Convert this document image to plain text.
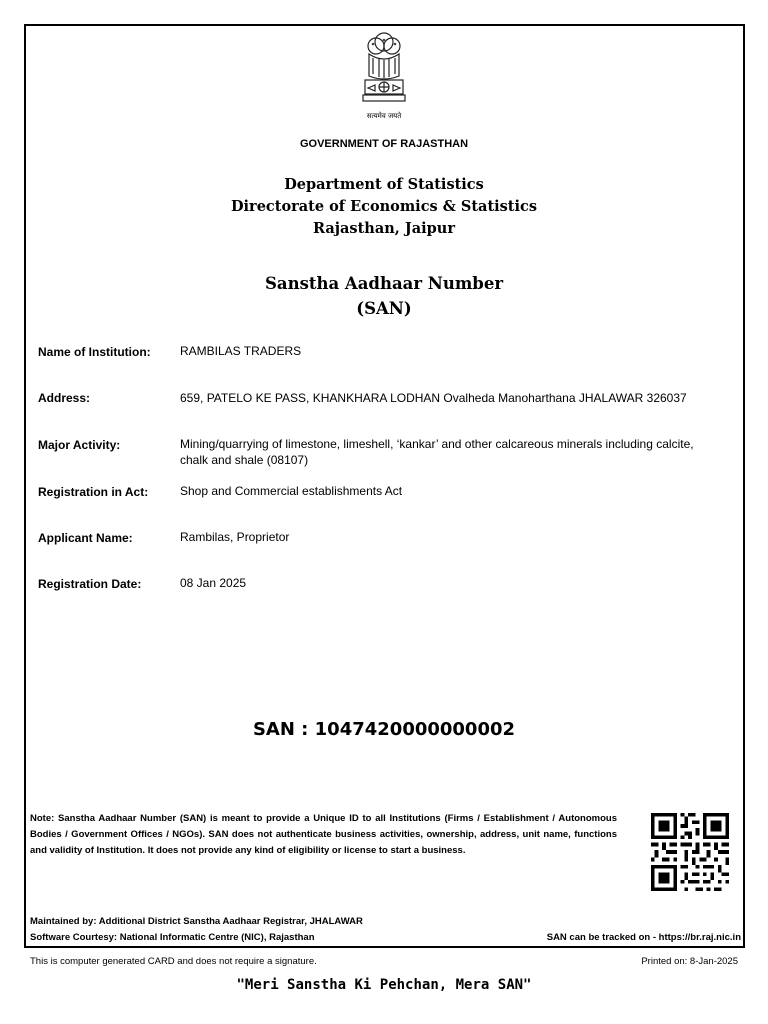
सत्यमेव जयते
GOVERNMENT OF RAJASTHAN
Department of Statistics
Directorate of Economics & Statistics
Rajasthan, Jaipur
Sanstha Aadhaar Number
(SAN)
Name of Institution: RAMBILAS TRADERS
Address:	659, PATELO KE PASS, KHANKHARA LODHAN Ovalheda Manoharthana JHALAWAR 326037
Major Activity:	Mining/quarrying of limestone, limeshell, ‘kankar’ and other calcareous minerals including calcite, chalk and shale (08107)
Registration in Act:	Shop and Commercial establishments Act
Applicant Name:	Rambilas, Proprietor
Registration Date:	08 Jan 2025
SAN : 1047420000000002
Note: Sanstha Aadhaar Number (SAN) is meant to provide a Unique ID to all Institutions (Firms / Establishment / Autonomous Bodies / Government Offices / NGOs). SAN does not authenticate business activities, ownership, address, unit name, functions and validity of Institution. It does not provide any kind of eligibility or license to start a business.
Maintained by: Additional District Sanstha Aadhaar Registrar, JHALAWAR
Software Courtesy: National Informatic Centre (NIC), Rajasthan	SAN can be tracked on - https://br.raj.nic.in
This is computer generated CARD and does not require a signature.	Printed on: 8-Jan-2025
"Meri Sanstha Ki Pehchan, Mera SAN"
